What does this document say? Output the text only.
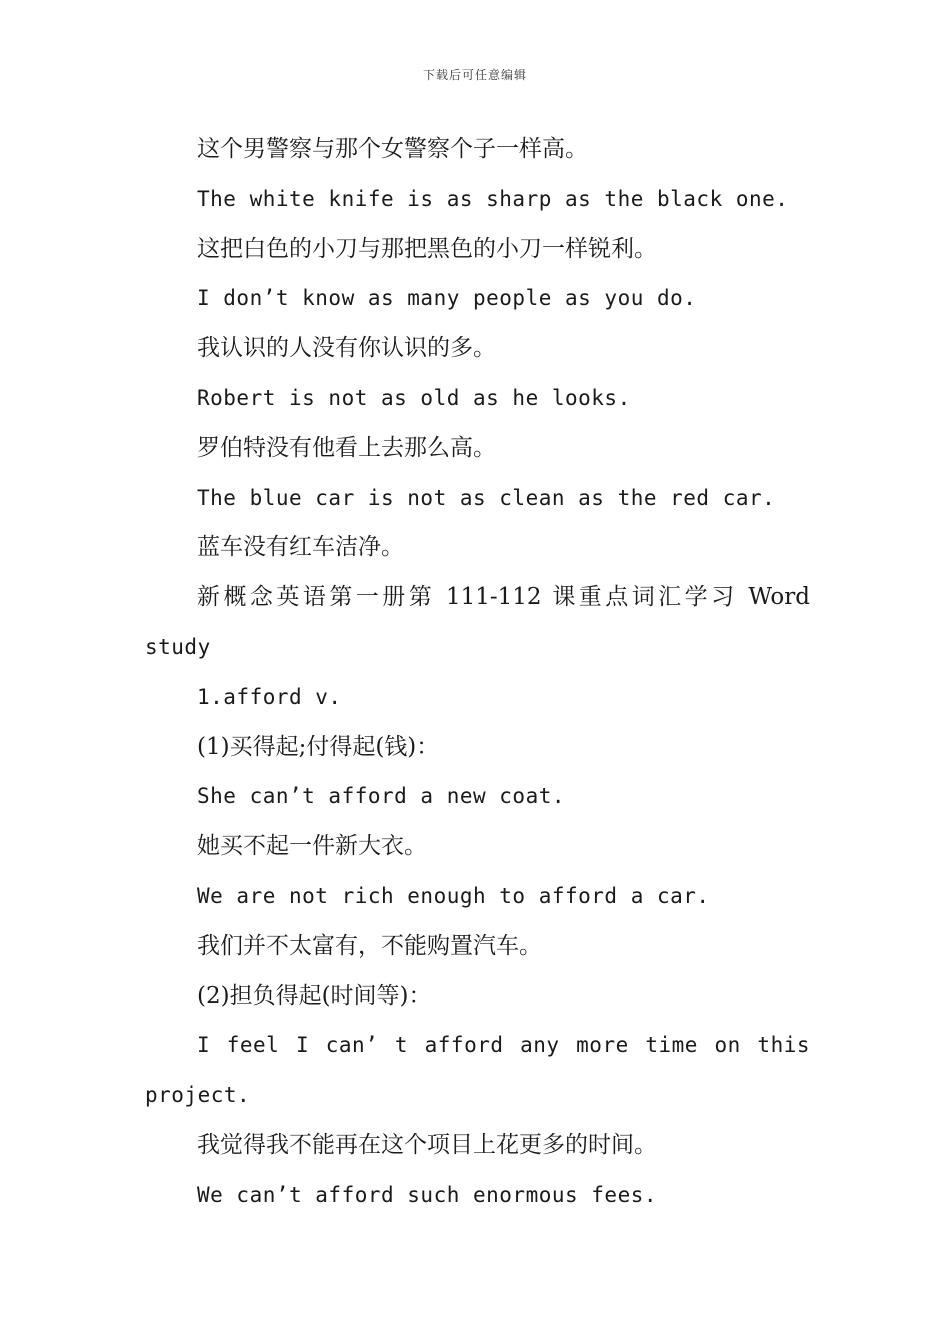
下载后可任意编辑
这个男警察与那个女警察个子一样高。
The white knife is as sharp as the black one.
这把白色的小刀与那把黑色的小刀一样锐利。
I don’t know as many people as you do.
我认识的人没有你认识的多。
Robert is not as old as he looks.
罗伯特没有他看上去那么高。
The blue car is not as clean as the red car.
蓝车没有红车洁净。
新概念英语第一册第 111-112 课重点词汇学习 Word
study
1.afford v.
(1)买得起;付得起(钱)：
She can’t afford a new coat.
她买不起一件新大衣。
We are not rich enough to afford a car.
我们并不太富有，不能购置汽车。
(2)担负得起(时间等)：
I feel I can’ t afford any more time on this
project.
我觉得我不能再在这个项目上花更多的时间。
We can’t afford such enormous fees.
